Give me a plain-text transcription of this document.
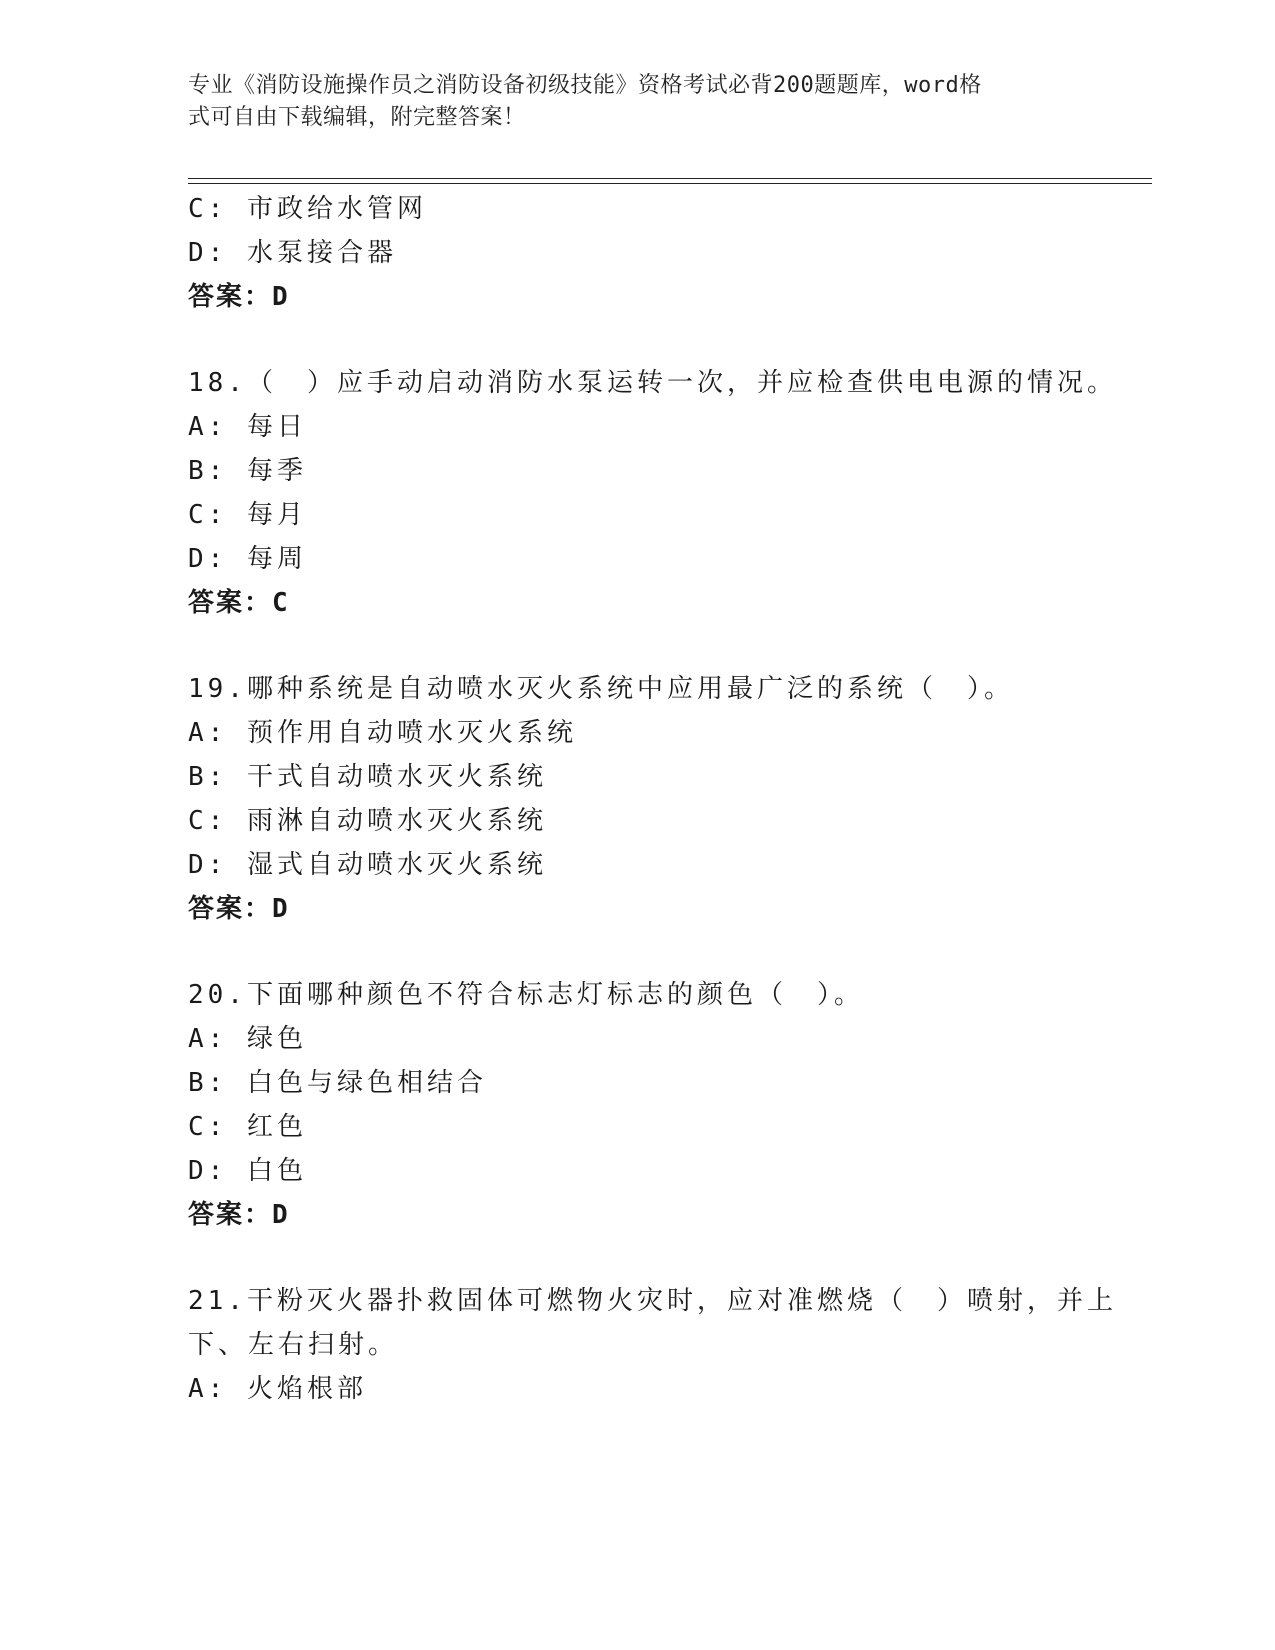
专业《消防设施操作员之消防设备初级技能》资格考试必背200题题库，word格
式可自由下载编辑，附完整答案！
C: 市政给水管网
D: 水泵接合器
答案：D
18.（　）应手动启动消防水泵运转一次，并应检查供电电源的情况。
A: 每日
B: 每季
C: 每月
D: 每周
答案：C
19.哪种系统是自动喷水灭火系统中应用最广泛的系统（　）。
A: 预作用自动喷水灭火系统
B: 干式自动喷水灭火系统
C: 雨淋自动喷水灭火系统
D: 湿式自动喷水灭火系统
答案：D
20.下面哪种颜色不符合标志灯标志的颜色（　）。
A: 绿色
B: 白色与绿色相结合
C: 红色
D: 白色
答案：D
21.干粉灭火器扑救固体可燃物火灾时，应对准燃烧（　）喷射，并上
下、左右扫射。
A: 火焰根部
